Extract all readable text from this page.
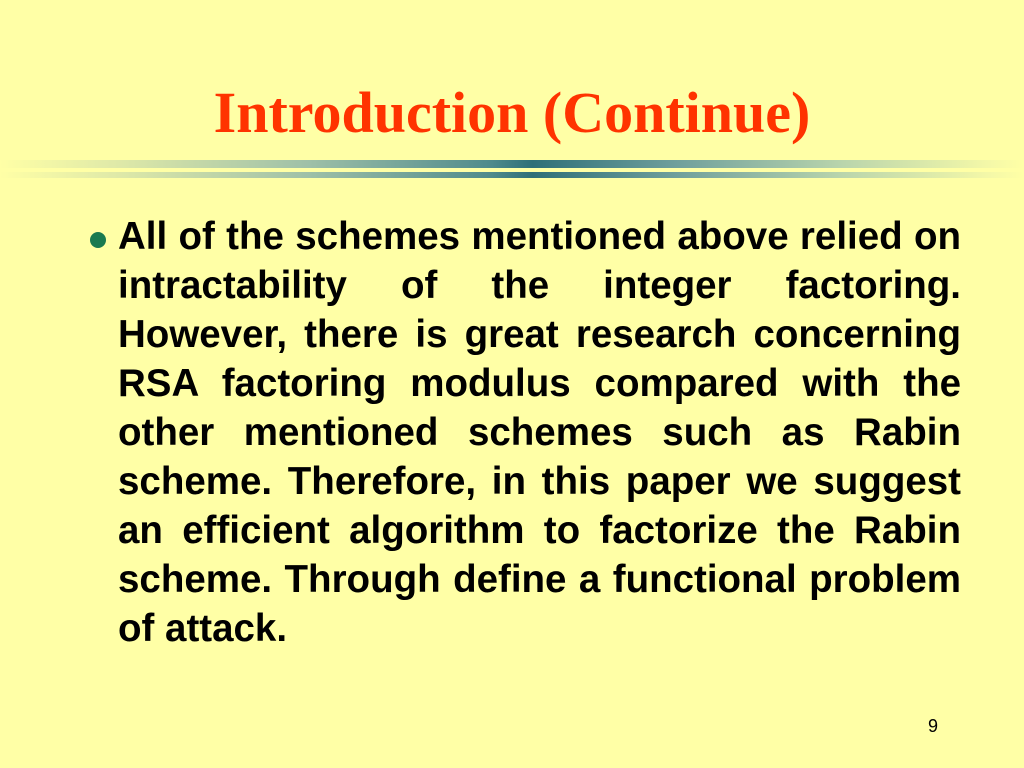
Introduction (Continue)
All of the schemes mentioned above relied on intractability of the integer factoring. However, there is great research concerning RSA factoring modulus compared with the other mentioned schemes such as Rabin scheme. Therefore, in this paper we suggest an efficient algorithm to factorize the Rabin scheme. Through define a functional problem of attack.
9
